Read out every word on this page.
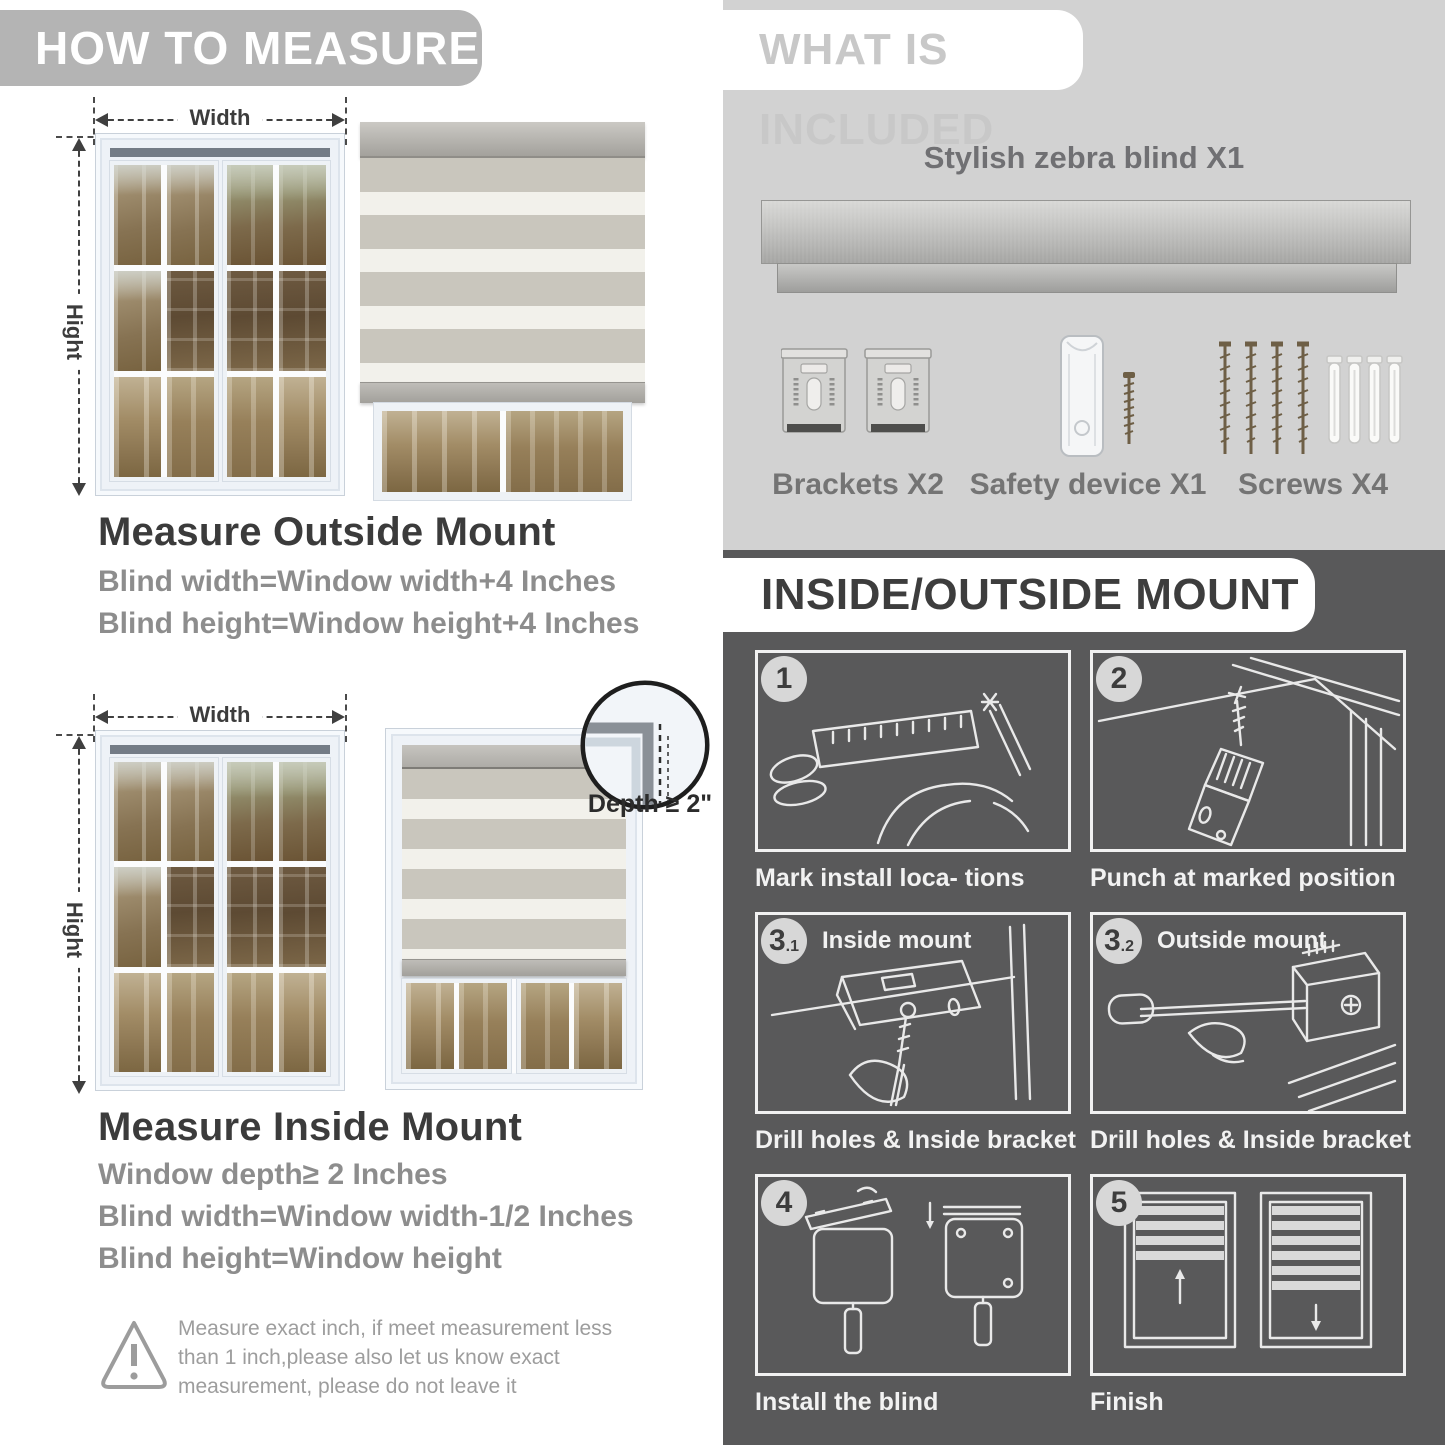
HOW TO MEASURE
Width
Hight
Measure Outside Mount
Blind width=Window width+4 Inches
Blind height=Window height+4 Inches
Width
Hight
Depth ≥ 2"
Measure Inside Mount
Window depth≥ 2 Inches
Blind width=Window width-1/2 Inches
Blind height=Window height
Measure exact inch, if meet measurement less than 1 inch,please also let us know exact measurement, please do not leave it
WHAT IS INCLUDED
Stylish zebra blind X1
Brackets X2 Safety device X1	Screws X4
INSIDE/OUTSIDE MOUNT
1
Mark install loca- tions
2
Punch at marked position
3 .1 Inside mount
Drill holes & Inside bracket
3 .2 Outside mount
Drill holes & Inside bracket
4
Install the blind
5
Finish
